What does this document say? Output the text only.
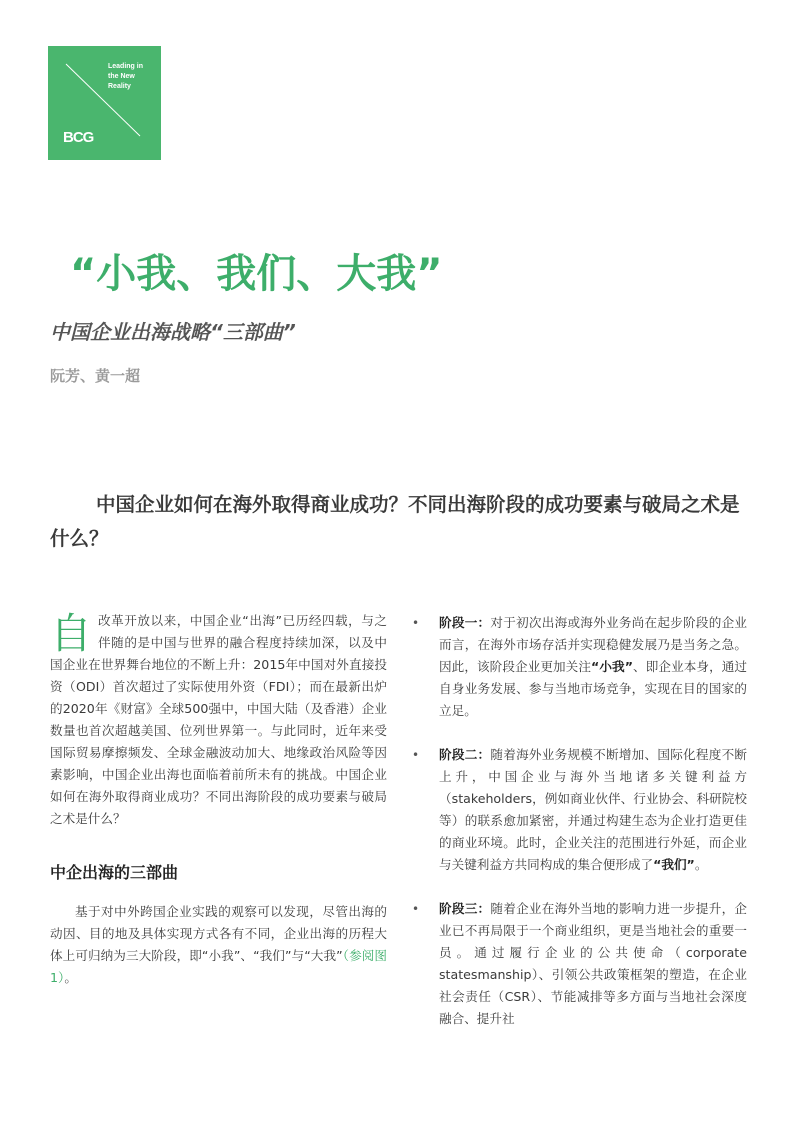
Leading in
the New
Reality
BCG
“小我、我们、大我”
中国企业出海战略“三部曲”

阮芳、黄一超

中国企业如何在海外取得商业成功？不同出海阶段的成功要素与破局之术是什么？

自改革开放以来，中国企业“出海”已历经四载，与之伴随的是中国与世界的融合程度持续加深，以及中国企业在世界舞台地位的不断上升：2015年中国对外直接投资（ODI）首次超过了实际使用外资（FDI）；而在最新出炉的2020年《财富》全球500强中，中国大陆（及香港）企业数量也首次超越美国、位列世界第一。与此同时，近年来受国际贸易摩擦频发、全球金融波动加大、地缘政治风险等因素影响，中国企业出海也面临着前所未有的挑战。中国企业如何在海外取得商业成功？不同出海阶段的成功要素与破局之术是什么？

中企出海的三部曲

基于对中外跨国企业实践的观察可以发现，尽管出海的动因、目的地及具体实现方式各有不同，企业出海的历程大体上可归纳为三大阶段，即“小我”、“我们”与“大我”（参阅图1）。

• 阶段一：对于初次出海或海外业务尚在起步阶段的企业而言，在海外市场存活并实现稳健发展乃是当务之急。因此，该阶段企业更加关注“小我”、即企业本身，通过自身业务发展、参与当地市场竞争，实现在目的国家的立足。
• 阶段二：随着海外业务规模不断增加、国际化程度不断上升，中国企业与海外当地诸多关键利益方（stakeholders，例如商业伙伴、行业协会、科研院校等）的联系愈加紧密，并通过构建生态为企业打造更佳的商业环境。此时，企业关注的范围进行外延，而企业与关键利益方共同构成的集合便形成了“我们”。
• 阶段三：随着企业在海外当地的影响力进一步提升，企业已不再局限于一个商业组织，更是当地社会的重要一员。通过履行企业的公共使命（corporate statesmanship）、引领公共政策框架的塑造，在企业社会责任（CSR）、节能减排等多方面与当地社会深度融合、提升社
